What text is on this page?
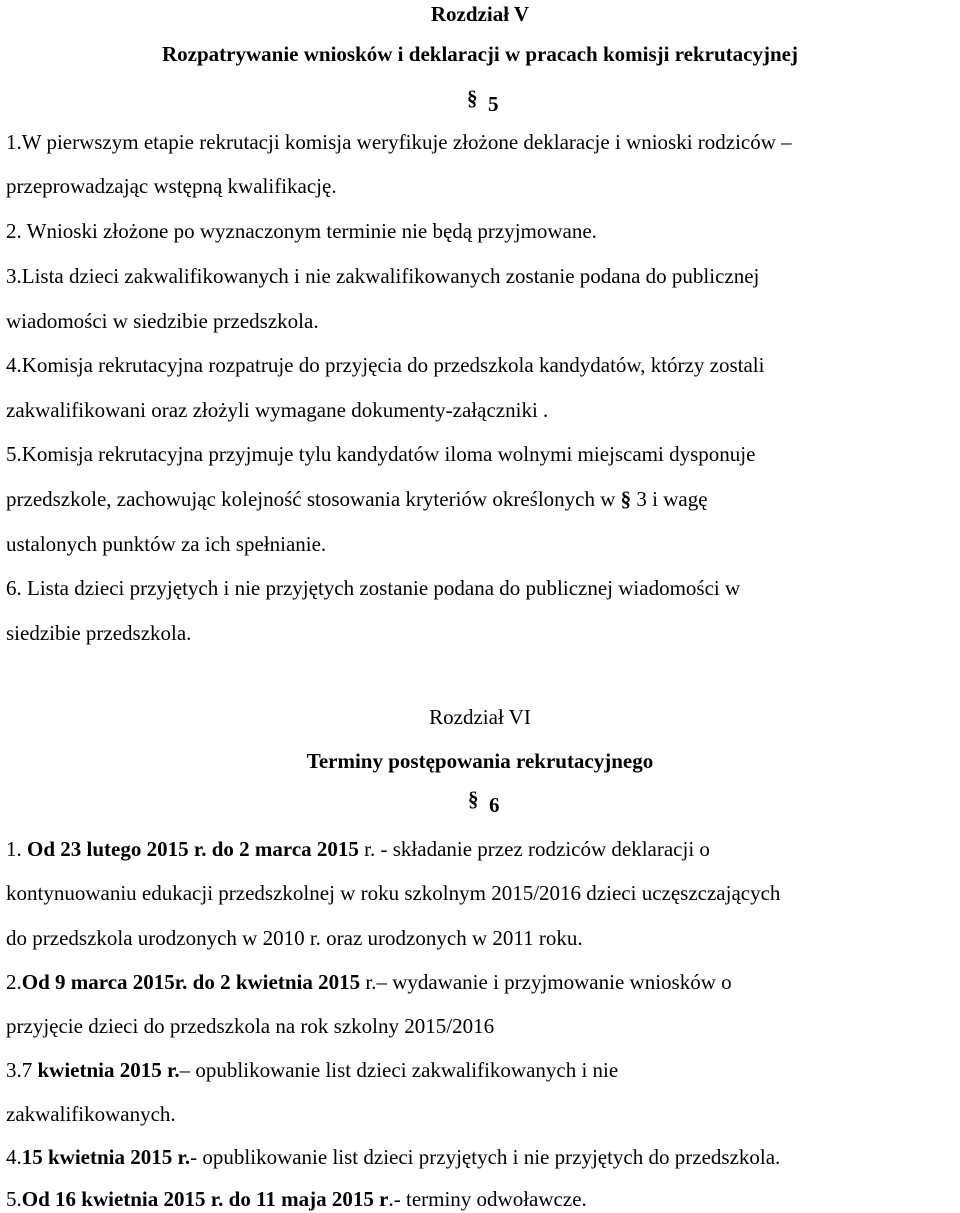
Rozdział V
Rozpatrywanie wniosków i deklaracji w pracach komisji rekrutacyjnej
§ 5
1.W pierwszym etapie rekrutacji komisja weryfikuje złożone deklaracje i wnioski rodziców –
przeprowadzając wstępną kwalifikację.
2. Wnioski złożone po wyznaczonym terminie nie będą przyjmowane.
3.Lista dzieci zakwalifikowanych i nie zakwalifikowanych zostanie podana do publicznej
wiadomości w siedzibie przedszkola.
4.Komisja rekrutacyjna rozpatruje do przyjęcia do przedszkola kandydatów, którzy zostali
zakwalifikowani oraz złożyli wymagane dokumenty-załączniki .
5.Komisja rekrutacyjna przyjmuje tylu kandydatów iloma wolnymi miejscami dysponuje
przedszkole, zachowując kolejność stosowania kryteriów określonych w § 3 i wagę
ustalonych punktów za ich spełnianie.
6. Lista dzieci przyjętych i nie przyjętych zostanie podana do publicznej wiadomości w
siedzibie przedszkola.
Rozdział VI
Terminy postępowania rekrutacyjnego
§ 6
1. Od 23 lutego 2015 r. do 2 marca 2015 r. - składanie przez rodziców deklaracji o
kontynuowaniu edukacji przedszkolnej w roku szkolnym 2015/2016 dzieci uczęszczających
do przedszkola urodzonych w 2010 r. oraz urodzonych w 2011 roku.
2.Od 9 marca 2015r. do 2 kwietnia 2015 r.– wydawanie i przyjmowanie wniosków o
przyjęcie dzieci do przedszkola na rok szkolny 2015/2016
3.7 kwietnia 2015 r.– opublikowanie list dzieci zakwalifikowanych i nie
zakwalifikowanych.
4.15 kwietnia 2015 r.- opublikowanie list dzieci przyjętych i nie przyjętych do przedszkola.
5.Od 16 kwietnia 2015 r. do 11 maja 2015 r.- terminy odwoławcze.
